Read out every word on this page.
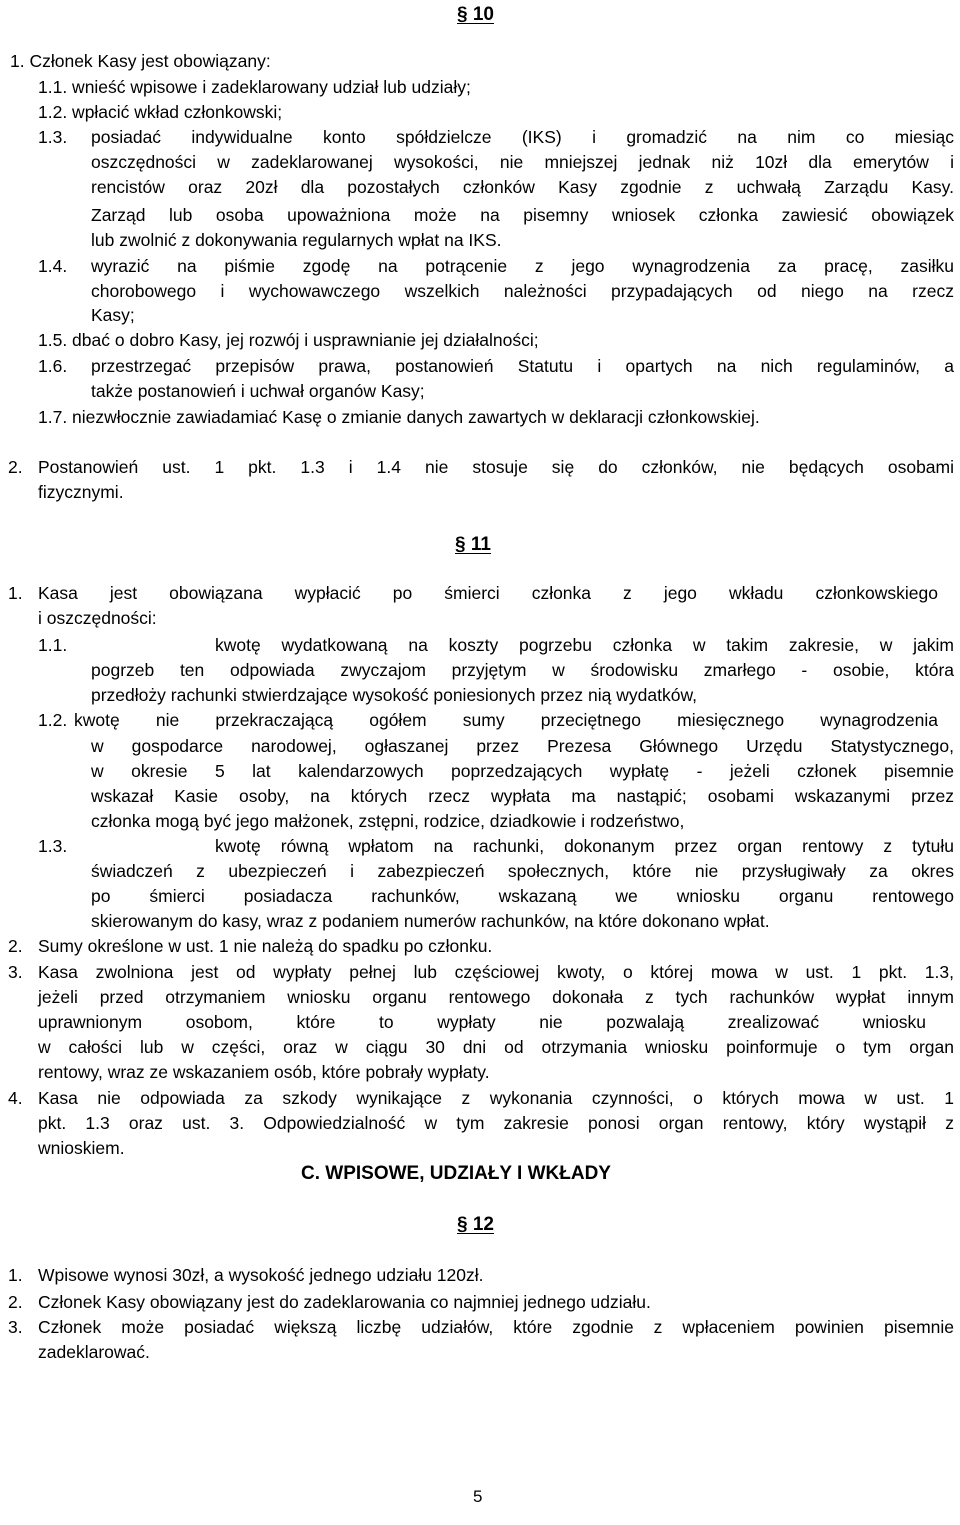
§ 10
1. Członek Kasy jest obowiązany:
1.1. wnieść wpisowe i zadeklarowany udział lub udziały;
1.2. wpłacić wkład członkowski;
1.3. posiadać indywidualne konto spółdzielcze (IKS) i gromadzić na nim co miesiąc
oszczędności w zadeklarowanej wysokości, nie mniejszej jednak niż 10zł dla emerytów i
rencistów oraz 20zł dla pozostałych członków Kasy zgodnie z uchwałą Zarządu Kasy.
Zarząd lub osoba upoważniona może na pisemny wniosek członka zawiesić obowiązek
lub zwolnić z dokonywania regularnych wpłat na IKS.
1.4. wyrazić na piśmie zgodę na potrącenie z jego wynagrodzenia za pracę, zasiłku
chorobowego i wychowawczego wszelkich należności przypadających od niego na rzecz
Kasy;
1.5. dbać o dobro Kasy, jej rozwój i usprawnianie jej działalności;
1.6. przestrzegać przepisów prawa, postanowień Statutu i opartych na nich regulaminów, a
także postanowień i uchwał organów Kasy;
1.7. niezwłocznie zawiadamiać Kasę o zmianie danych zawartych w deklaracji członkowskiej.
2. Postanowień ust. 1 pkt. 1.3 i 1.4 nie stosuje się do członków, nie będących osobami
fizycznymi.
§ 11
1. Kasa jest obowiązana wypłacić po śmierci członka z jego wkładu członkowskiego
i oszczędności:
1.1.	kwotę wydatkowaną na koszty pogrzebu członka w takim zakresie, w jakim
pogrzeb ten odpowiada zwyczajom przyjętym w środowisku zmarłego - osobie, która
przedłoży rachunki stwierdzające wysokość poniesionych przez nią wydatków,
1.2. kwotę nie przekraczającą ogółem sumy przeciętnego miesięcznego wynagrodzenia
w gospodarce narodowej, ogłaszanej przez Prezesa Głównego Urzędu Statystycznego,
w okresie 5 lat kalendarzowych poprzedzających wypłatę - jeżeli członek pisemnie
wskazał Kasie osoby, na których rzecz wypłata ma nastąpić; osobami wskazanymi przez
członka mogą być jego małżonek, zstępni, rodzice, dziadkowie i rodzeństwo,
1.3.	kwotę równą wpłatom na rachunki, dokonanym przez organ rentowy z tytułu
świadczeń z ubezpieczeń i zabezpieczeń społecznych, które nie przysługiwały za okres
po śmierci posiadacza rachunków, wskazaną we wniosku organu rentowego
skierowanym do kasy, wraz z podaniem numerów rachunków, na które dokonano wpłat.
2. Sumy określone w ust. 1 nie należą do spadku po członku.
3. Kasa zwolniona jest od wypłaty pełnej lub częściowej kwoty, o której mowa w ust. 1 pkt. 1.3,
jeżeli przed otrzymaniem wniosku organu rentowego dokonała z tych rachunków wypłat innym
uprawnionym osobom, które to wypłaty nie pozwalają zrealizować wniosku
w całości lub w części, oraz w ciągu 30 dni od otrzymania wniosku poinformuje o tym organ
rentowy, wraz ze wskazaniem osób, które pobrały wypłaty.
4. Kasa nie odpowiada za szkody wynikające z wykonania czynności, o których mowa w ust. 1
pkt. 1.3 oraz ust. 3. Odpowiedzialność w tym zakresie ponosi organ rentowy, który wystąpił z
wnioskiem.
C. WPISOWE, UDZIAŁY I WKŁADY
§ 12
1. Wpisowe wynosi 30zł, a wysokość jednego udziału 120zł.
2. Członek Kasy obowiązany jest do zadeklarowania co najmniej jednego udziału.
3. Członek może posiadać większą liczbę udziałów, które zgodnie z wpłaceniem powinien pisemnie
zadeklarować.
5
